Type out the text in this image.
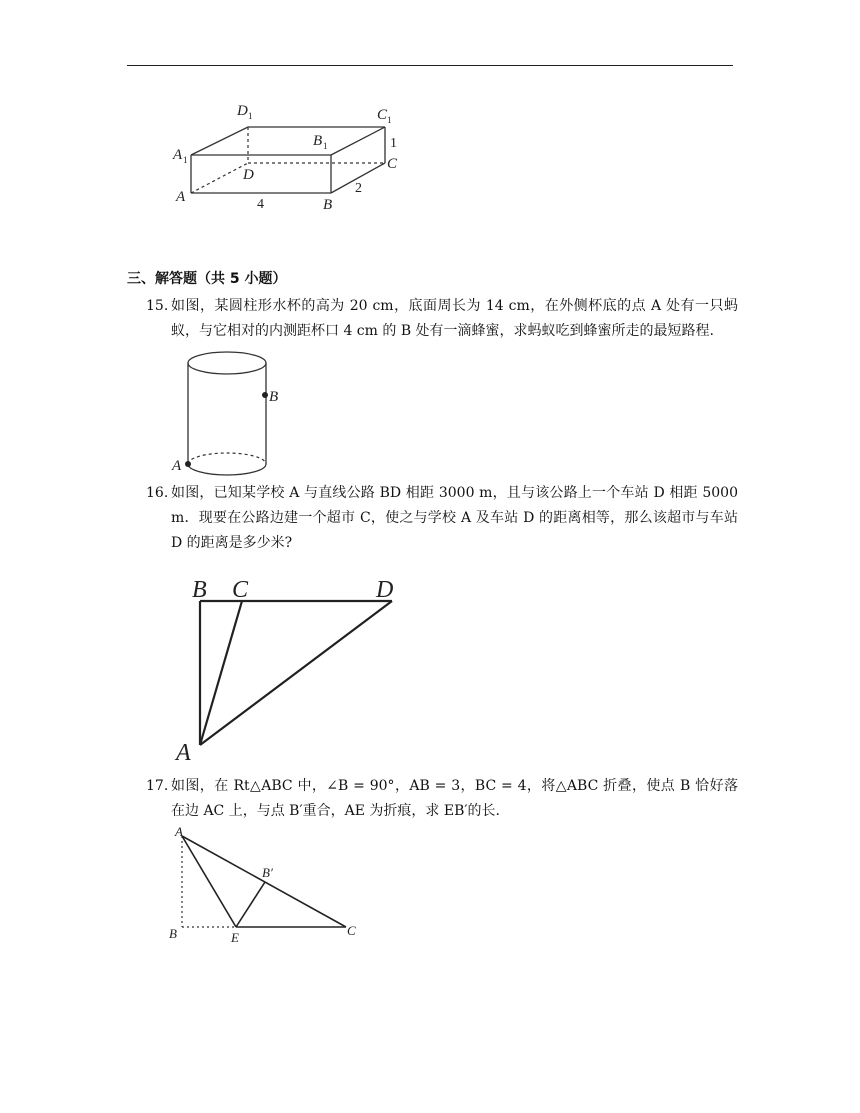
A 1
A
D 1
D
B 1
B
C 1
C
4
2
1
三、解答题（共 5 小题）
15. 如图，某圆柱形水杯的高为 20 cm，底面周长为 14 cm，在外侧杯底的点 A 处有一只蚂蚁，与它相对的内测距杯口 4 cm 的 B 处有一滴蜂蜜，求蚂蚁吃到蜂蜜所走的最短路程.
A
B
16. 如图，已知某学校 A 与直线公路 BD 相距 3000 m，且与该公路上一个车站 D 相距 5000 m．现要在公路边建一个超市 C，使之与学校 A 及车站 D 的距离相等，那么该超市与车站 D 的距离是多少米?
B C	D
A
17. 如图，在 Rt△ABC 中，∠B = 90°，AB = 3，BC = 4，将△ABC 折叠，使点 B 恰好落在边 AC 上，与点 B′重合，AE 为折痕，求 EB′的长.
A
B	E	C
B′
